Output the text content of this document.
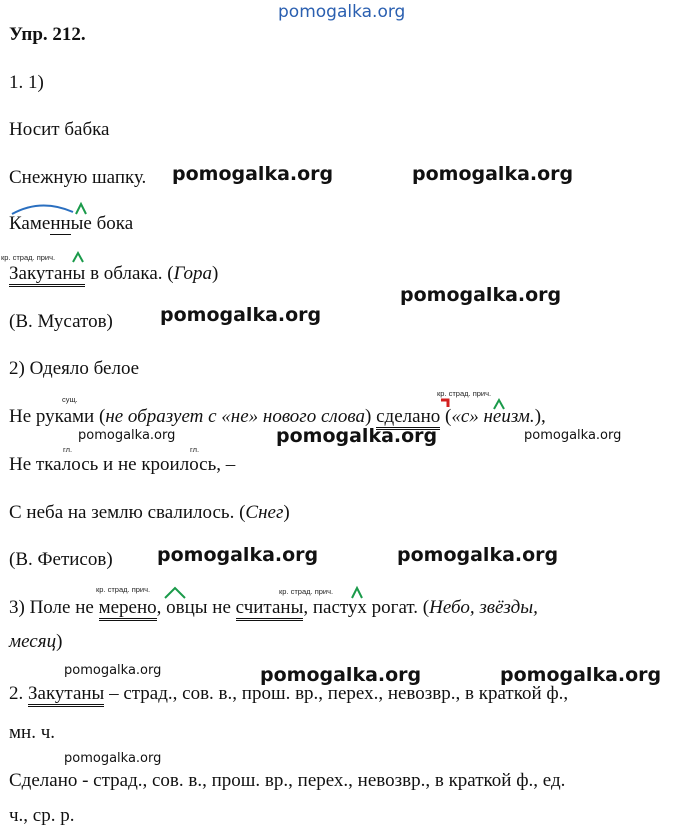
pomogalka.org
Упр. 212.
1. 1)
Носит бабка
Снежную шапку.
Каменные бока
кр. страд. прич.
Закутаны в облака. (Гора)
(В. Мусатов)
2) Одеяло белое
сущ.
кр. страд. прич.
Не руками (не образует с «не» нового слова) сделано («с» неизм.),
гл.	гл.
Не ткалось и не кроилось, –
С неба на землю свалилось. (Снег)
(В. Фетисов)
кр. страд. прич.	кр. страд. прич.
3) Поле не мерено, овцы не считаны, пастух рогат. (Небо, звёзды,
месяц)
2. Закутаны – страд., сов. в., прош. вр., перех., невозвр., в краткой ф.,
мн. ч.
Сделано - страд., сов. в., прош. вр., перех., невозвр., в краткой ф., ед.
ч., ср. р.
pomogalka.org	pomogalka.org
pomogalka.org
pomogalka.org
pomogalka.org	pomogalka.org	pomogalka.org
pomogalka.org	pomogalka.org
pomogalka.org	pomogalka.org	pomogalka.org
pomogalka.org
